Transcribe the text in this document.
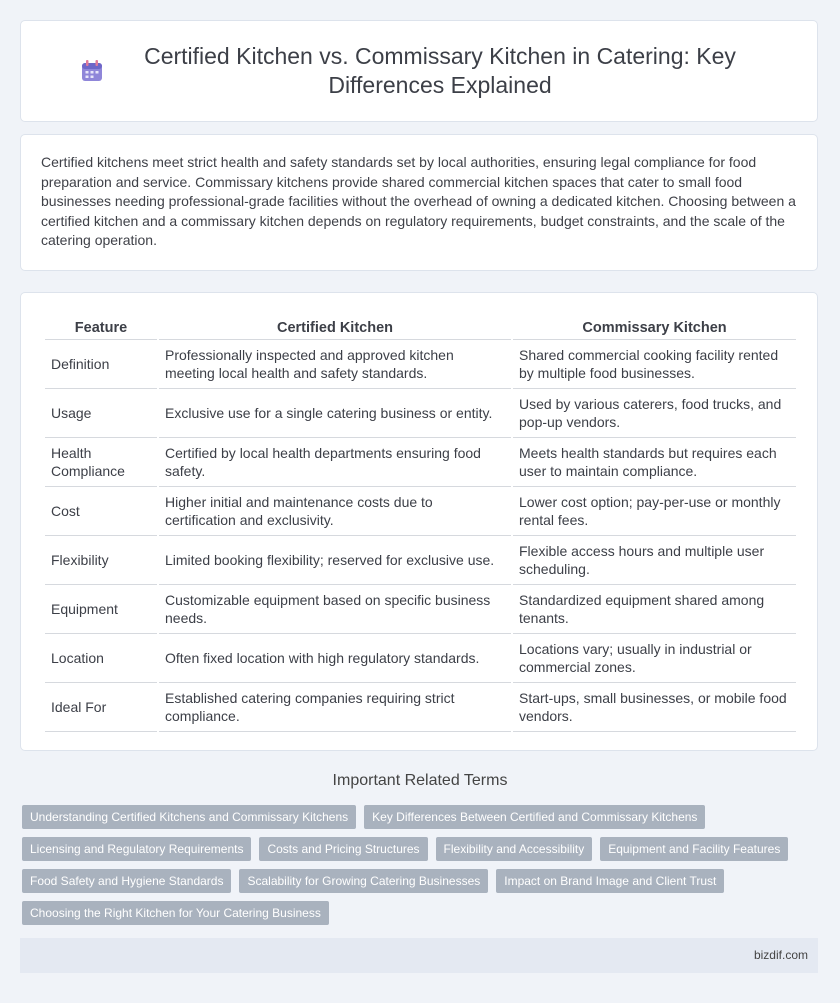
Certified Kitchen vs. Commissary Kitchen in Catering: Key Differences Explained

Certified kitchens meet strict health and safety standards set by local authorities, ensuring legal compliance for food preparation and service. Commissary kitchens provide shared commercial kitchen spaces that cater to small food businesses needing professional-grade facilities without the overhead of owning a dedicated kitchen. Choosing between a certified kitchen and a commissary kitchen depends on regulatory requirements, budget constraints, and the scale of the catering operation.

Feature	Certified Kitchen	Commissary Kitchen
Definition	Professionally inspected and approved kitchen meeting local health and safety standards.	Shared commercial cooking facility rented by multiple food businesses.
Usage	Exclusive use for a single catering business or entity.	Used by various caterers, food trucks, and pop-up vendors.
Health Compliance	Certified by local health departments ensuring food safety.	Meets health standards but requires each user to maintain compliance.
Cost	Higher initial and maintenance costs due to certification and exclusivity.	Lower cost option; pay-per-use or monthly rental fees.
Flexibility	Limited booking flexibility; reserved for exclusive use.	Flexible access hours and multiple user scheduling.
Equipment	Customizable equipment based on specific business needs.	Standardized equipment shared among tenants.
Location	Often fixed location with high regulatory standards.	Locations vary; usually in industrial or commercial zones.
Ideal For	Established catering companies requiring strict compliance.	Start-ups, small businesses, or mobile food vendors.
Important Related Terms
Understanding Certified Kitchens and Commissary Kitchens	Key Differences Between Certified and Commissary Kitchens
Licensing and Regulatory Requirements	Costs and Pricing Structures	Flexibility and Accessibility	Equipment and Facility Features
Food Safety and Hygiene Standards	Scalability for Growing Catering Businesses	Impact on Brand Image and Client Trust
Choosing the Right Kitchen for Your Catering Business
bizdif.com
